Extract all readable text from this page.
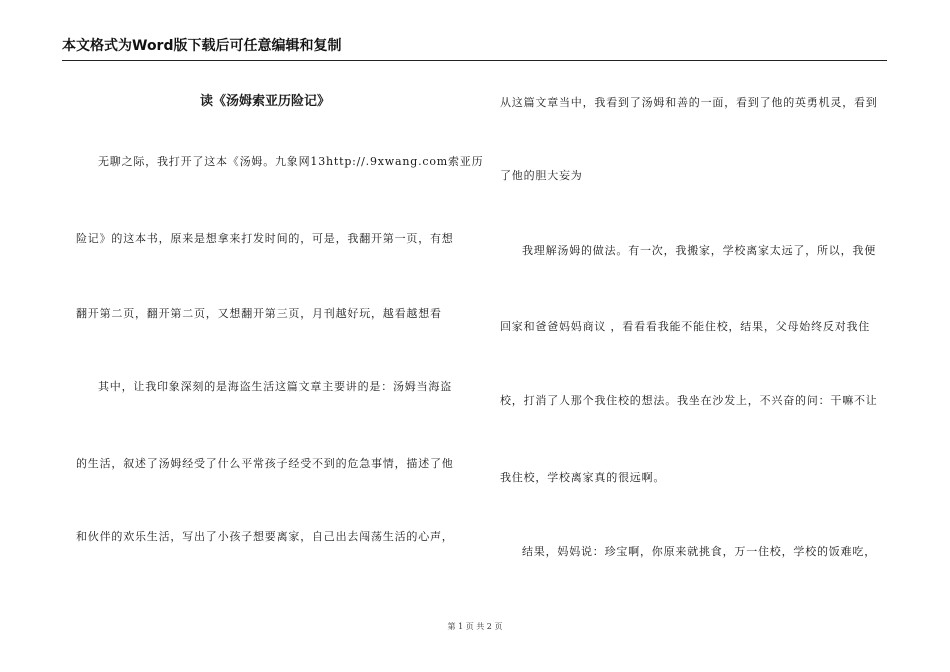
本文格式为Word版下载后可任意编辑和复制
读《汤姆索亚历险记》

无聊之际，我打开了这本《汤姆。九象网13http://.9xwang.com索亚历

险记》的这本书，原来是想拿来打发时间的，可是，我翻开第一页，有想

翻开第二页，翻开第二页，又想翻开第三页，月刊越好玩，越看越想看

其中，让我印象深刻的是海盗生活这篇文章主要讲的是：汤姆当海盗

的生活，叙述了汤姆经受了什么平常孩子经受不到的危急事情，描述了他

和伙伴的欢乐生活，写出了小孩子想要离家，自己出去闯荡生活的心声，

从这篇文章当中，我看到了汤姆和善的一面，看到了他的英勇机灵，看到

了他的胆大妄为

我理解汤姆的做法。有一次，我搬家，学校离家太远了，所以，我便

回家和爸爸妈妈商议 ，看看看我能不能住校，结果，父母始终反对我住

校，打消了人那个我住校的想法。我坐在沙发上，不兴奋的问：干嘛不让

我住校，学校离家真的很远啊。

结果，妈妈说：珍宝啊，你原来就挑食，万一住校，学校的饭难吃，

第 1 页 共 2 页
